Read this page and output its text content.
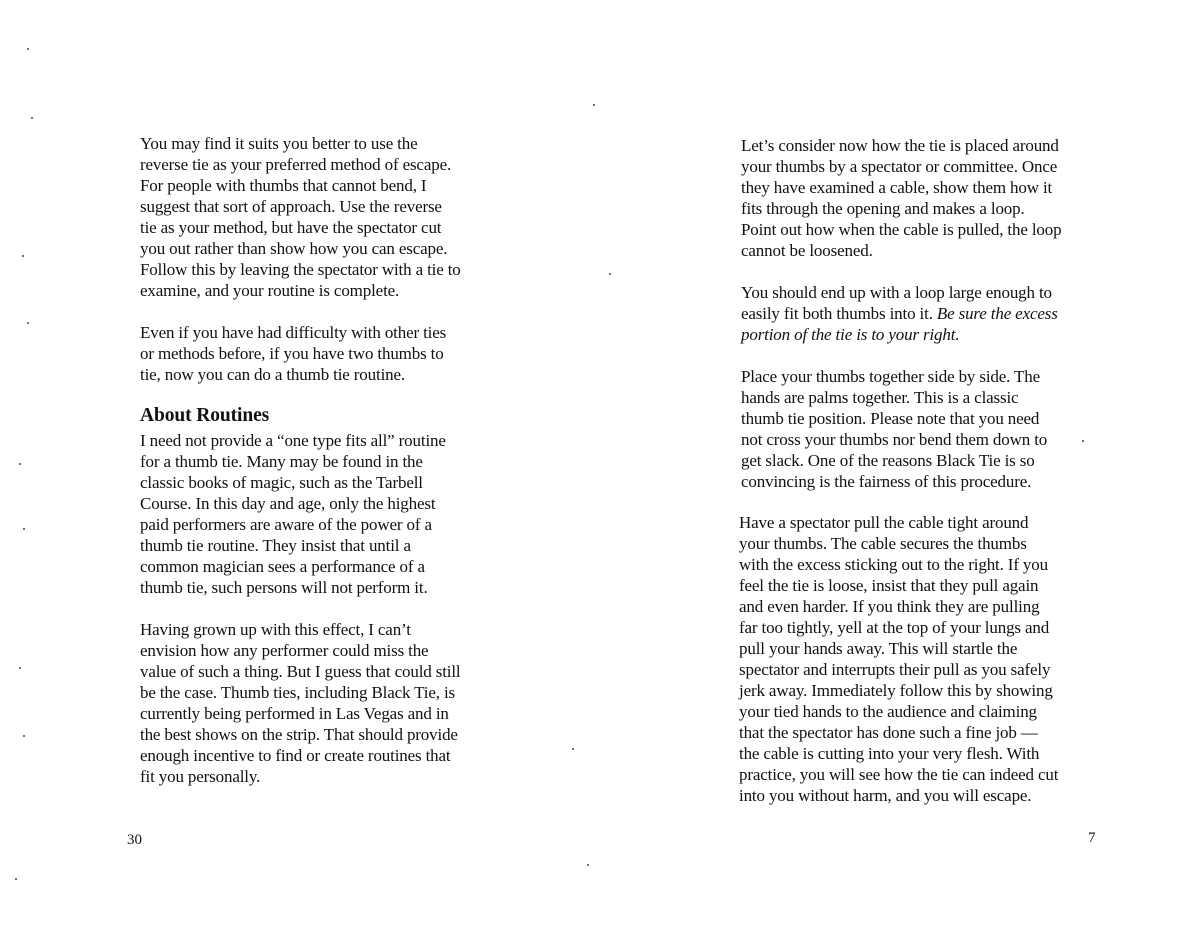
You may find it suits you better to use the
reverse tie as your preferred method of escape.
For people with thumbs that cannot bend, I
suggest that sort of approach. Use the reverse
tie as your method, but have the spectator cut
you out rather than show how you can escape.
Follow this by leaving the spectator with a tie to
examine, and your routine is complete.
Even if you have had difficulty with other ties
or methods before, if you have two thumbs to
tie, now you can do a thumb tie routine.
About Routines
I need not provide a “one type fits all” routine
for a thumb tie. Many may be found in the
classic books of magic, such as the Tarbell
Course. In this day and age, only the highest
paid performers are aware of the power of a
thumb tie routine. They insist that until a
common magician sees a performance of a
thumb tie, such persons will not perform it.
Having grown up with this effect, I can’t
envision how any performer could miss the
value of such a thing. But I guess that could still
be the case. Thumb ties, including Black Tie, is
currently being performed in Las Vegas and in
the best shows on the strip. That should provide
enough incentive to find or create routines that
fit you personally.
30
Let’s consider now how the tie is placed around
your thumbs by a spectator or committee. Once
they have examined a cable, show them how it
fits through the opening and makes a loop.
Point out how when the cable is pulled, the loop
cannot be loosened.
You should end up with a loop large enough to
easily fit both thumbs into it. Be sure the excess
portion of the tie is to your right.
Place your thumbs together side by side. The
hands are palms together. This is a classic
thumb tie position. Please note that you need
not cross your thumbs nor bend them down to
get slack. One of the reasons Black Tie is so
convincing is the fairness of this procedure.
Have a spectator pull the cable tight around
your thumbs. The cable secures the thumbs
with the excess sticking out to the right. If you
feel the tie is loose, insist that they pull again
and even harder. If you think they are pulling
far too tightly, yell at the top of your lungs and
pull your hands away. This will startle the
spectator and interrupts their pull as you safely
jerk away. Immediately follow this by showing
your tied hands to the audience and claiming
that the spectator has done such a fine job —
the cable is cutting into your very flesh. With
practice, you will see how the tie can indeed cut
into you without harm, and you will escape.
7
